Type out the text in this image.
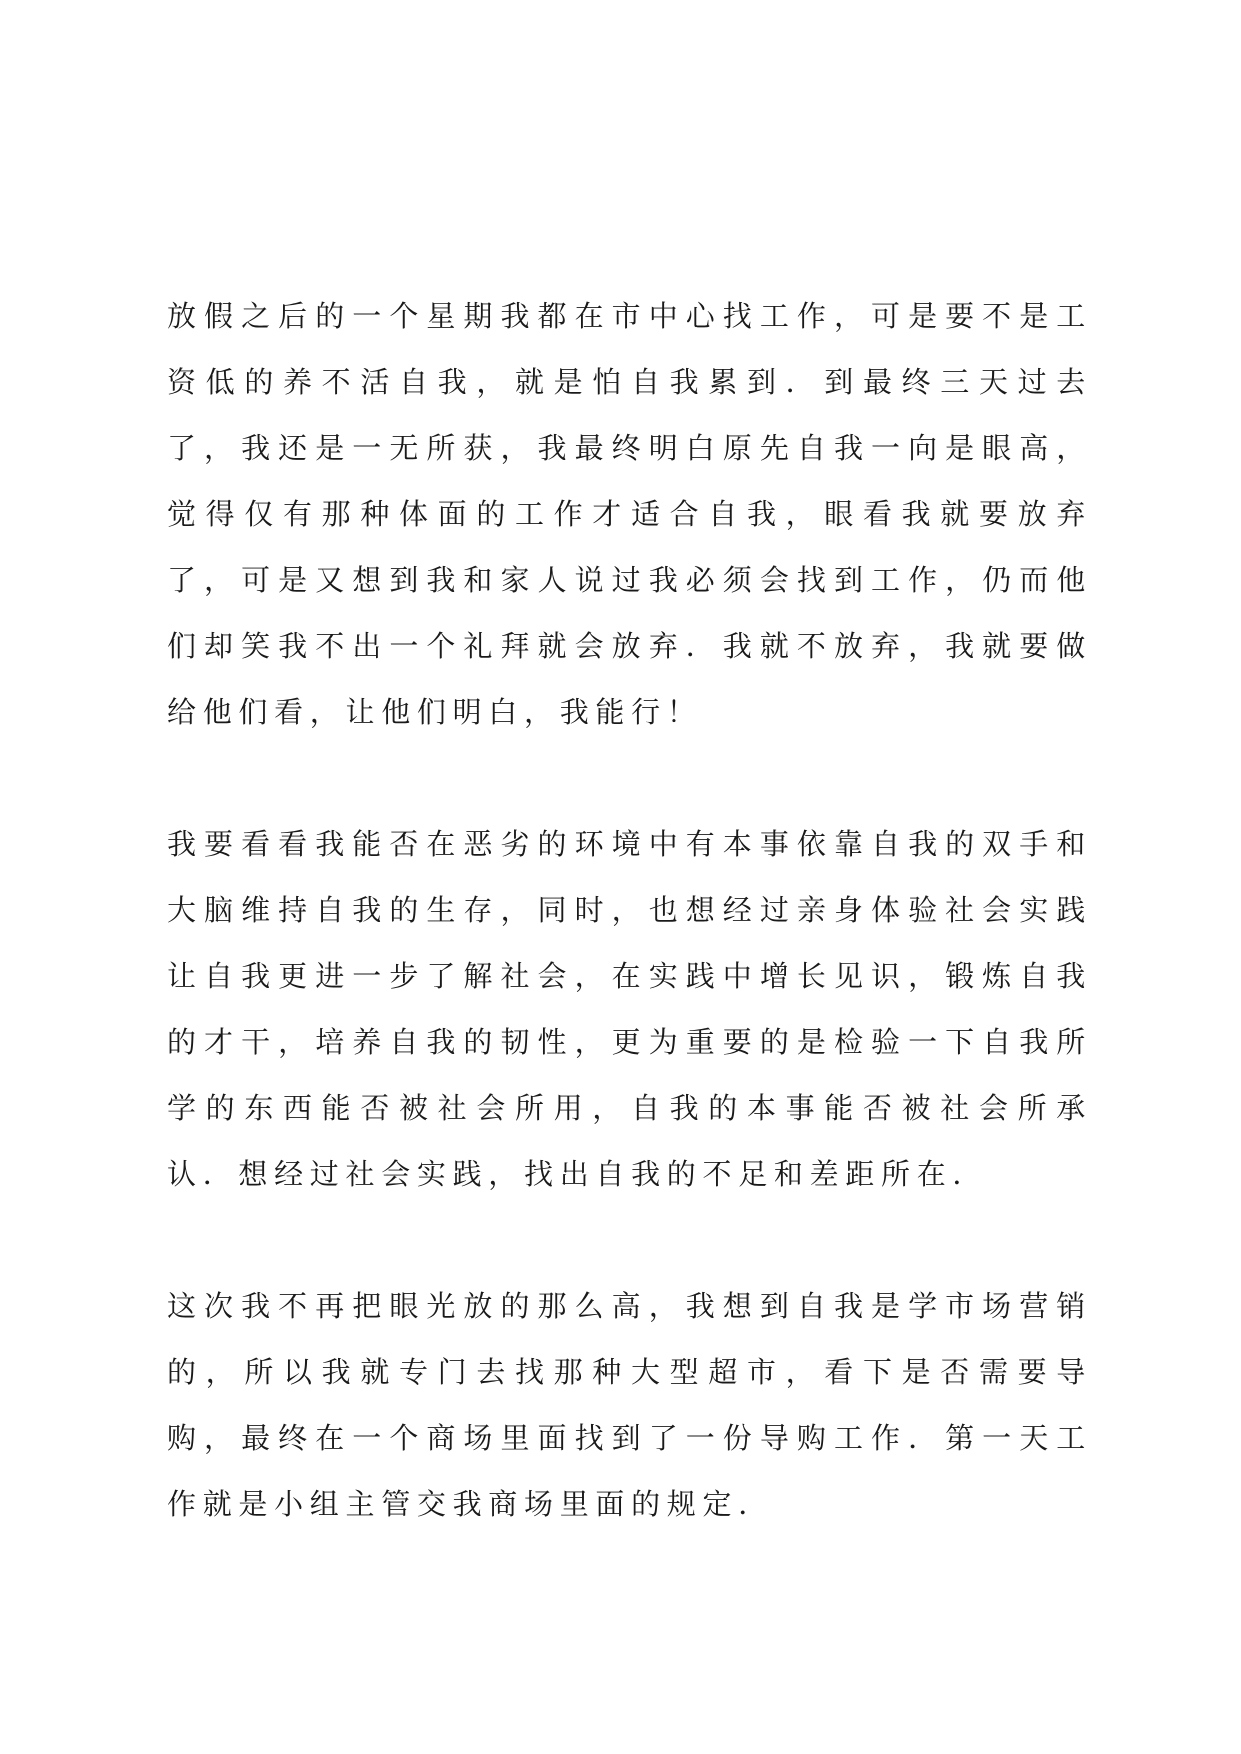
放假之后的一个星期我都在市中心找工作，可是要不是工资低的养不活自我，就是怕自我累到．到最终三天过去了，我还是一无所获，我最终明白原先自我一向是眼高，觉得仅有那种体面的工作才适合自我，眼看我就要放弃了，可是又想到我和家人说过我必须会找到工作，仍而他们却笑我不出一个礼拜就会放弃．我就不放弃，我就要做给他们看，让他们明白，我能行！

我要看看我能否在恶劣的环境中有本事依靠自我的双手和大脑维持自我的生存，同时，也想经过亲身体验社会实践让自我更进一步了解社会，在实践中增长见识，锻炼自我的才干，培养自我的韧性，更为重要的是检验一下自我所学的东西能否被社会所用，自我的本事能否被社会所承认．想经过社会实践，找出自我的不足和差距所在．

这次我不再把眼光放的那么高，我想到自我是学市场营销的，所以我就专门去找那种大型超市，看下是否需要导购，最终在一个商场里面找到了一份导购工作．第一天工作就是小组主管交我商场里面的规定．
